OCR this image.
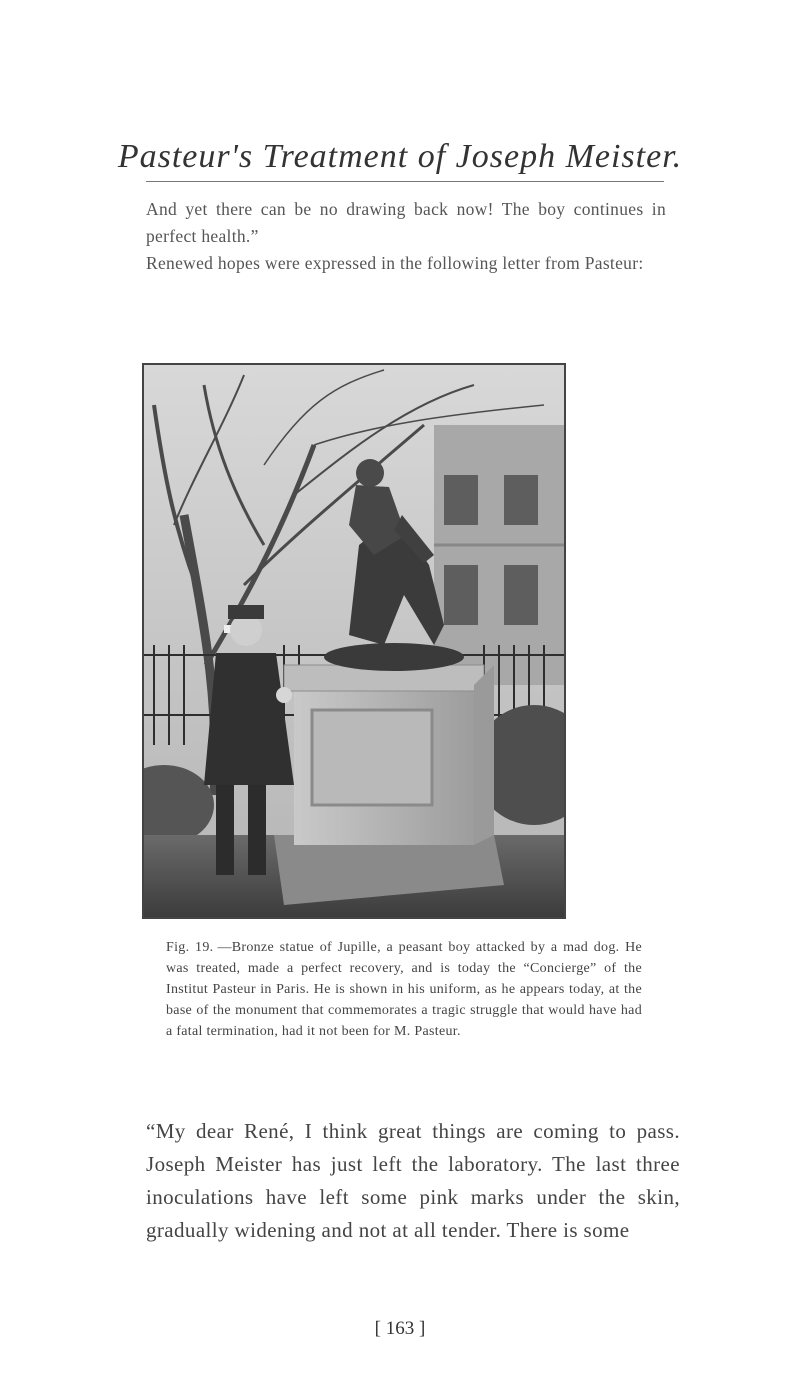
Pasteur's Treatment of Joseph Meister.
And yet there can be no drawing back now! The boy continues in perfect health.”
Renewed hopes were expressed in the following letter from Pasteur:
Fig. 19. —Bronze statue of Jupille, a peasant boy attacked by a mad dog. He was treated, made a perfect recovery, and is today the “Concierge” of the Institut Pasteur in Paris. He is shown in his uniform, as he appears today, at the base of the monument that commemorates a tragic struggle that would have had a fatal termination, had it not been for M. Pasteur.
“My dear René, I think great things are coming to pass. Joseph Meister has just left the laboratory. The last three inoculations have left some pink marks under the skin, gradually widening and not at all tender. There is some
[ 163 ]
